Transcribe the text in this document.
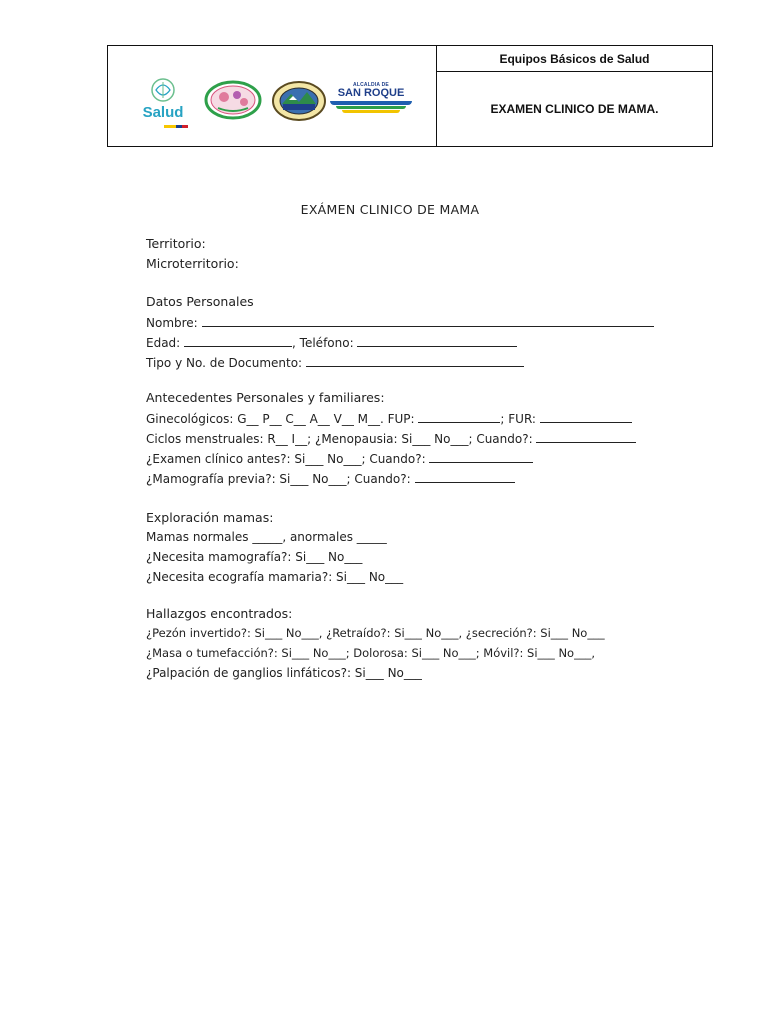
Salud
ALCALDIA DE
SAN ROQUE
Equipos Básicos de Salud
EXAMEN CLINICO DE MAMA.
EXÁMEN CLINICO DE MAMA
Territorio:
Microterritorio:
Datos Personales
Nombre:
Edad:	, Teléfono:
Tipo y No. de Documento:
Antecedentes Personales y familiares:
Ginecológicos: G__ P__ C__ A__ V__ M__. FUP:	; FUR:
Ciclos menstruales: R__ I__; ¿Menopausia: Si___ No___; Cuando?:
¿Examen clínico antes?: Si___ No___; Cuando?:
¿Mamografía previa?: Si___ No___; Cuando?:
Exploración mamas:
Mamas normales _____, anormales _____
¿Necesita mamografía?: Si___ No___
¿Necesita ecografía mamaria?: Si___ No___
Hallazgos encontrados:
¿Pezón invertido?: Si___ No___, ¿Retraído?: Si___ No___, ¿secreción?: Si___ No___
¿Masa o tumefacción?: Si___ No___; Dolorosa: Si___ No___; Móvil?: Si___ No___,
¿Palpación de ganglios linfáticos?: Si___ No___
